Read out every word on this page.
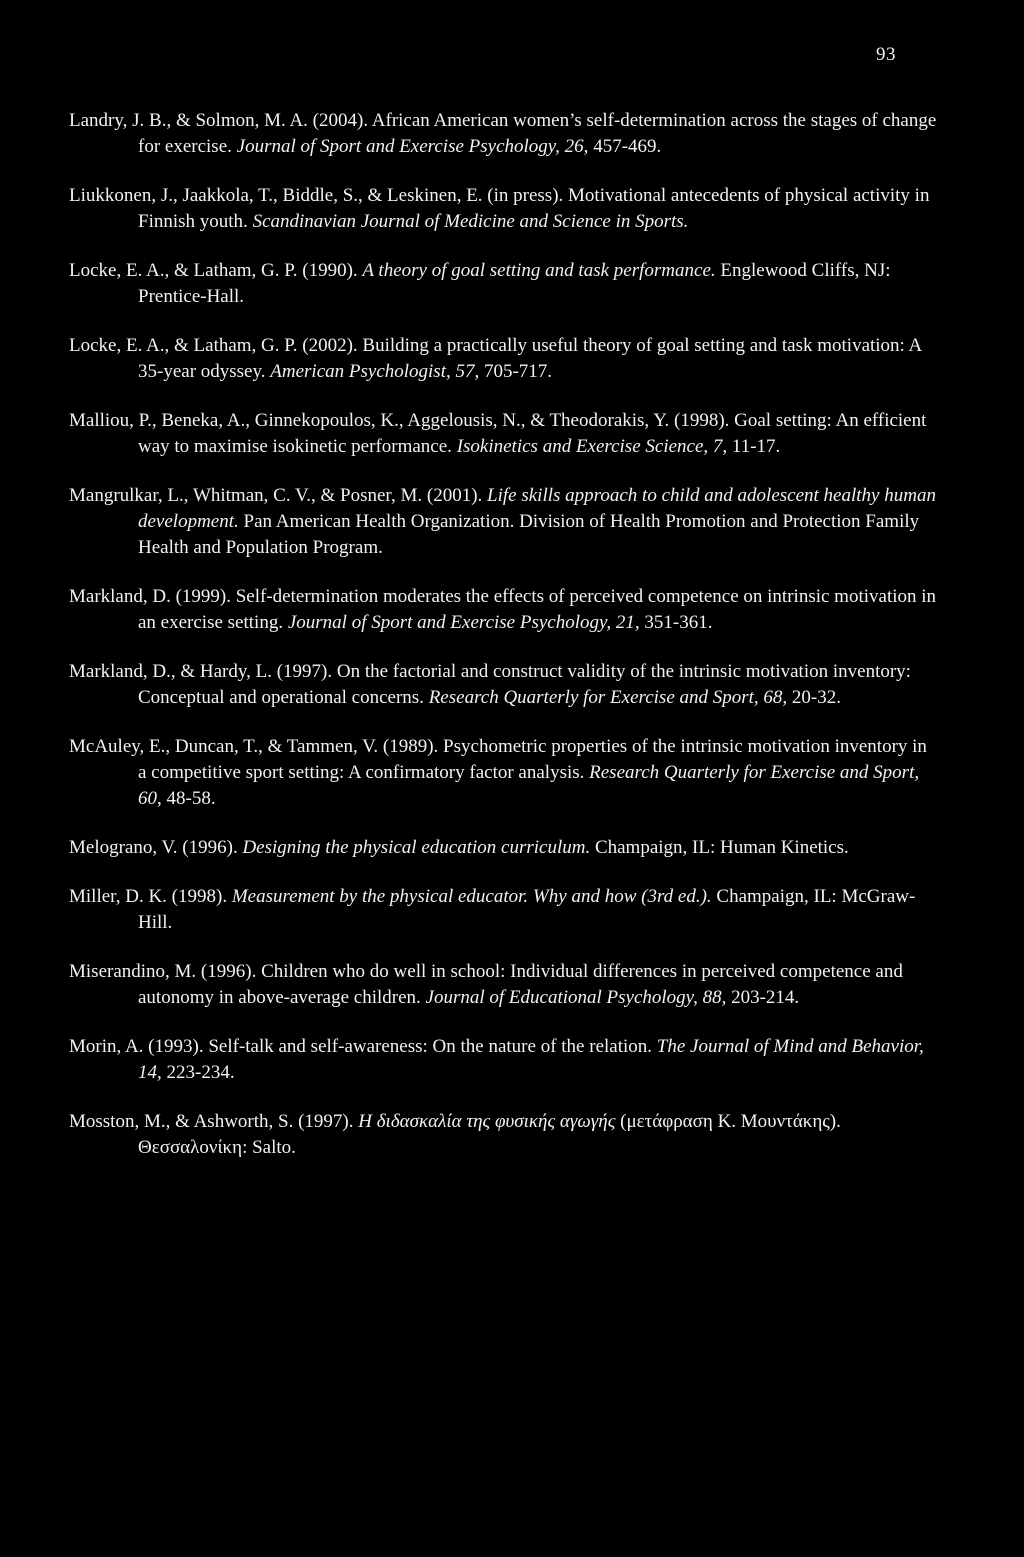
93

Landry, J. B., & Solmon, M. A. (2004). African American women’s self-determination across the stages of change for exercise. Journal of Sport and Exercise Psychology, 26, 457-469.

Liukkonen, J., Jaakkola, T., Biddle, S., & Leskinen, E. (in press). Motivational antecedents of physical activity in Finnish youth. Scandinavian Journal of Medicine and Science in Sports.

Locke, E. A., & Latham, G. P. (1990). A theory of goal setting and task performance. Englewood Cliffs, NJ: Prentice-Hall.

Locke, E. A., & Latham, G. P. (2002). Building a practically useful theory of goal setting and task motivation: A 35-year odyssey. American Psychologist, 57, 705-717.

Malliou, P., Beneka, A., Ginnekopoulos, K., Aggelousis, N., & Theodorakis, Y. (1998). Goal setting: An efficient way to maximise isokinetic performance. Isokinetics and Exercise Science, 7, 11-17.

Mangrulkar, L., Whitman, C. V., & Posner, M. (2001). Life skills approach to child and adolescent healthy human development. Pan American Health Organization. Division of Health Promotion and Protection Family Health and Population Program.

Markland, D. (1999). Self-determination moderates the effects of perceived competence on intrinsic motivation in an exercise setting. Journal of Sport and Exercise Psychology, 21, 351-361.

Markland, D., & Hardy, L. (1997). On the factorial and construct validity of the intrinsic motivation inventory: Conceptual and operational concerns. Research Quarterly for Exercise and Sport, 68, 20-32.

McAuley, E., Duncan, T., & Tammen, V. (1989). Psychometric properties of the intrinsic motivation inventory in a competitive sport setting: A confirmatory factor analysis. Research Quarterly for Exercise and Sport, 60, 48-58.

Melograno, V. (1996). Designing the physical education curriculum. Champaign, IL: Human Kinetics.

Miller, D. K. (1998). Measurement by the physical educator. Why and how (3rd ed.). Champaign, IL: McGraw-Hill.

Miserandino, M. (1996). Children who do well in school: Individual differences in perceived competence and autonomy in above-average children. Journal of Educational Psychology, 88, 203-214.

Morin, A. (1993). Self-talk and self-awareness: On the nature of the relation. The Journal of Mind and Behavior, 14, 223-234.

Mosston, M., & Ashworth, S. (1997). Η διδασκαλία της φυσικής αγωγής (μετάφραση Κ. Μουντάκης). Θεσσαλονίκη: Salto.
